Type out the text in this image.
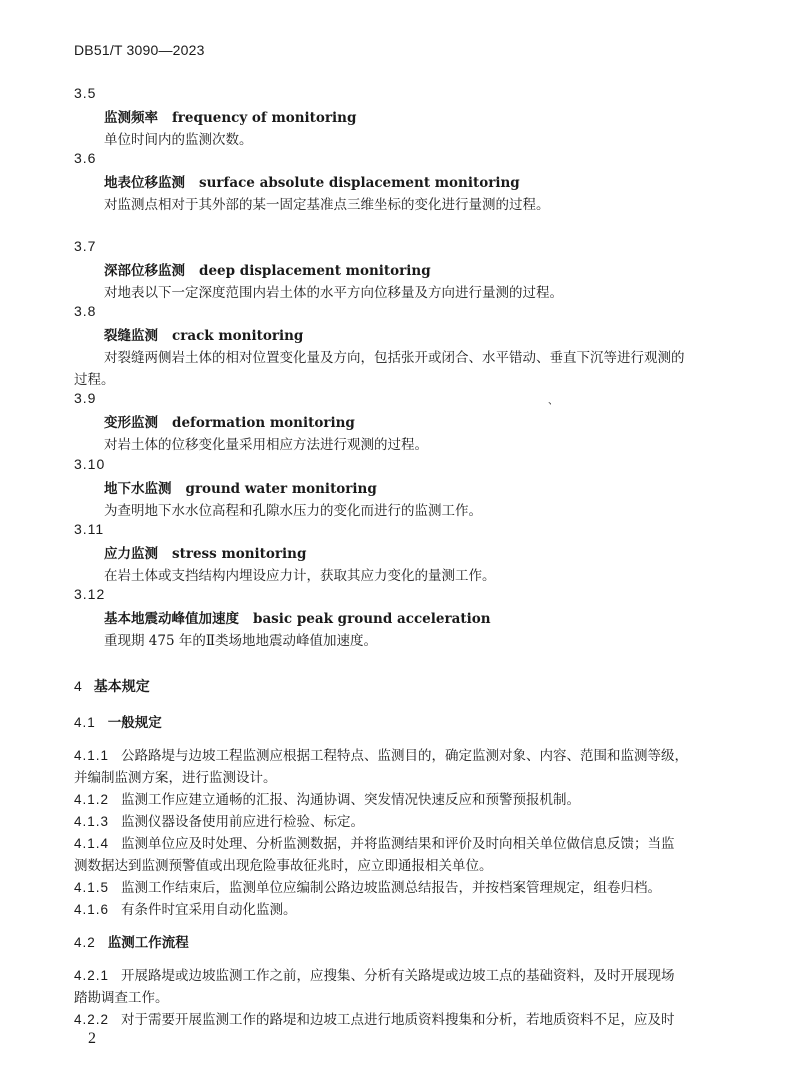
DB51/T 3090—2023
3.5
监测频率 frequency of monitoring
单位时间内的监测次数。
3.6
地表位移监测 surface absolute displacement monitoring
对监测点相对于其外部的某一固定基准点三维坐标的变化进行量测的过程。
3.7
深部位移监测 deep displacement monitoring
对地表以下一定深度范围内岩土体的水平方向位移量及方向进行量测的过程。
3.8
裂缝监测 crack monitoring
对裂缝两侧岩土体的相对位置变化量及方向，包括张开或闭合、水平错动、垂直下沉等进行观测的
过程。
3.9	、
变形监测 deformation monitoring
对岩土体的位移变化量采用相应方法进行观测的过程。
3.10
地下水监测 ground water monitoring
为查明地下水水位高程和孔隙水压力的变化而进行的监测工作。
3.11
应力监测 stress monitoring
在岩土体或支挡结构内埋设应力计，获取其应力变化的量测工作。
3.12
基本地震动峰值加速度 basic peak ground acceleration
重现期 475 年的Ⅱ类场地地震动峰值加速度。
4 基本规定
4.1 一般规定
4.1.1 公路路堤与边坡工程监测应根据工程特点、监测目的，确定监测对象、内容、范围和监测等级，
并编制监测方案，进行监测设计。
4.1.2 监测工作应建立通畅的汇报、沟通协调、突发情况快速反应和预警预报机制。
4.1.3 监测仪器设备使用前应进行检验、标定。
4.1.4 监测单位应及时处理、分析监测数据，并将监测结果和评价及时向相关单位做信息反馈；当监
测数据达到监测预警值或出现危险事故征兆时，应立即通报相关单位。
4.1.5 监测工作结束后，监测单位应编制公路边坡监测总结报告，并按档案管理规定，组卷归档。
4.1.6 有条件时宜采用自动化监测。
4.2 监测工作流程
4.2.1 开展路堤或边坡监测工作之前，应搜集、分析有关路堤或边坡工点的基础资料，及时开展现场
踏勘调查工作。
4.2.2 对于需要开展监测工作的路堤和边坡工点进行地质资料搜集和分析，若地质资料不足，应及时
2
